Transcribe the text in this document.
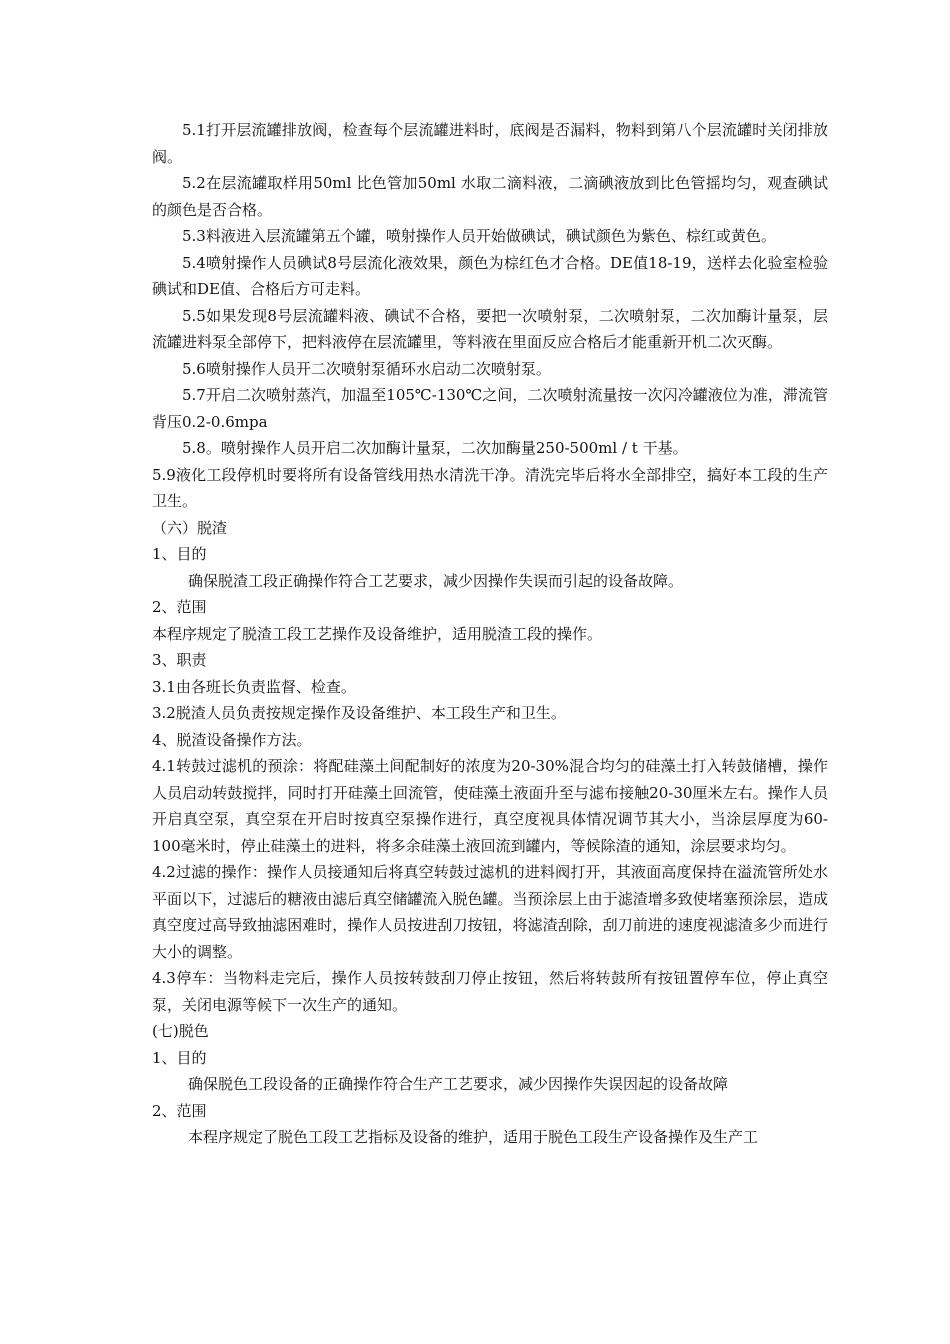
5.1打开层流罐排放阀，检查每个层流罐进料时，底阀是否漏料，物料到第八个层流罐时关闭排放阀。

5.2在层流罐取样用50ml 比色管加50ml 水取二滴料液，二滴碘液放到比色管摇均匀，观查碘试的颜色是否合格。

5.3料液进入层流罐第五个罐，喷射操作人员开始做碘试，碘试颜色为紫色、棕红或黄色。

5.4喷射操作人员碘试8号层流化液效果，颜色为棕红色才合格。DE值18-19，送样去化验室检验碘试和DE值、合格后方可走料。

5.5如果发现8号层流罐料液、碘试不合格，要把一次喷射泵，二次喷射泵，二次加酶计量泵，层流罐进料泵全部停下，把料液停在层流罐里，等料液在里面反应合格后才能重新开机二次灭酶。

5.6喷射操作人员开二次喷射泵循环水启动二次喷射泵。

5.7开启二次喷射蒸汽，加温至105℃-130℃之间，二次喷射流量按一次闪冷罐液位为准，滞流管背压0.2-0.6mpa

5.8。喷射操作人员开启二次加酶计量泵，二次加酶量250-500ml / t 干基。

5.9液化工段停机时要将所有设备管线用热水清洗干净。清洗完毕后将水全部排空，搞好本工段的生产卫生。

（六）脱渣

1、目的

确保脱渣工段正确操作符合工艺要求，减少因操作失误而引起的设备故障。

2、范围

本程序规定了脱渣工段工艺操作及设备维护，适用脱渣工段的操作。

3、职责

3.1由各班长负责监督、检查。

3.2脱渣人员负责按规定操作及设备维护、本工段生产和卫生。

4、脱渣设备操作方法。

4.1转鼓过滤机的预涂：将配硅藻土间配制好的浓度为20-30%混合均匀的硅藻土打入转鼓储槽，操作人员启动转鼓搅拌，同时打开硅藻土回流管，使硅藻土液面升至与滤布接触20-30厘米左右。操作人员开启真空泵，真空泵在开启时按真空泵操作进行，真空度视具体情况调节其大小，当涂层厚度为60-100毫米时，停止硅藻土的进料，将多余硅藻土液回流到罐内，等候除渣的通知，涂层要求均匀。

4.2过滤的操作：操作人员接通知后将真空转鼓过滤机的进料阀打开，其液面高度保持在溢流管所处水平面以下，过滤后的糖液由滤后真空储罐流入脱色罐。当预涂层上由于滤渣增多致使堵塞预涂层，造成真空度过高导致抽滤困难时，操作人员按进刮刀按钮，将滤渣刮除，刮刀前进的速度视滤渣多少而进行大小的调整。

4.3停车：当物料走完后，操作人员按转鼓刮刀停止按钮，然后将转鼓所有按钮置停车位，停止真空泵，关闭电源等候下一次生产的通知。

(七)脱色

1、目的

确保脱色工段设备的正确操作符合生产工艺要求，减少因操作失误因起的设备故障

2、范围

本程序规定了脱色工段工艺指标及设备的维护，适用于脱色工段生产设备操作及生产工
